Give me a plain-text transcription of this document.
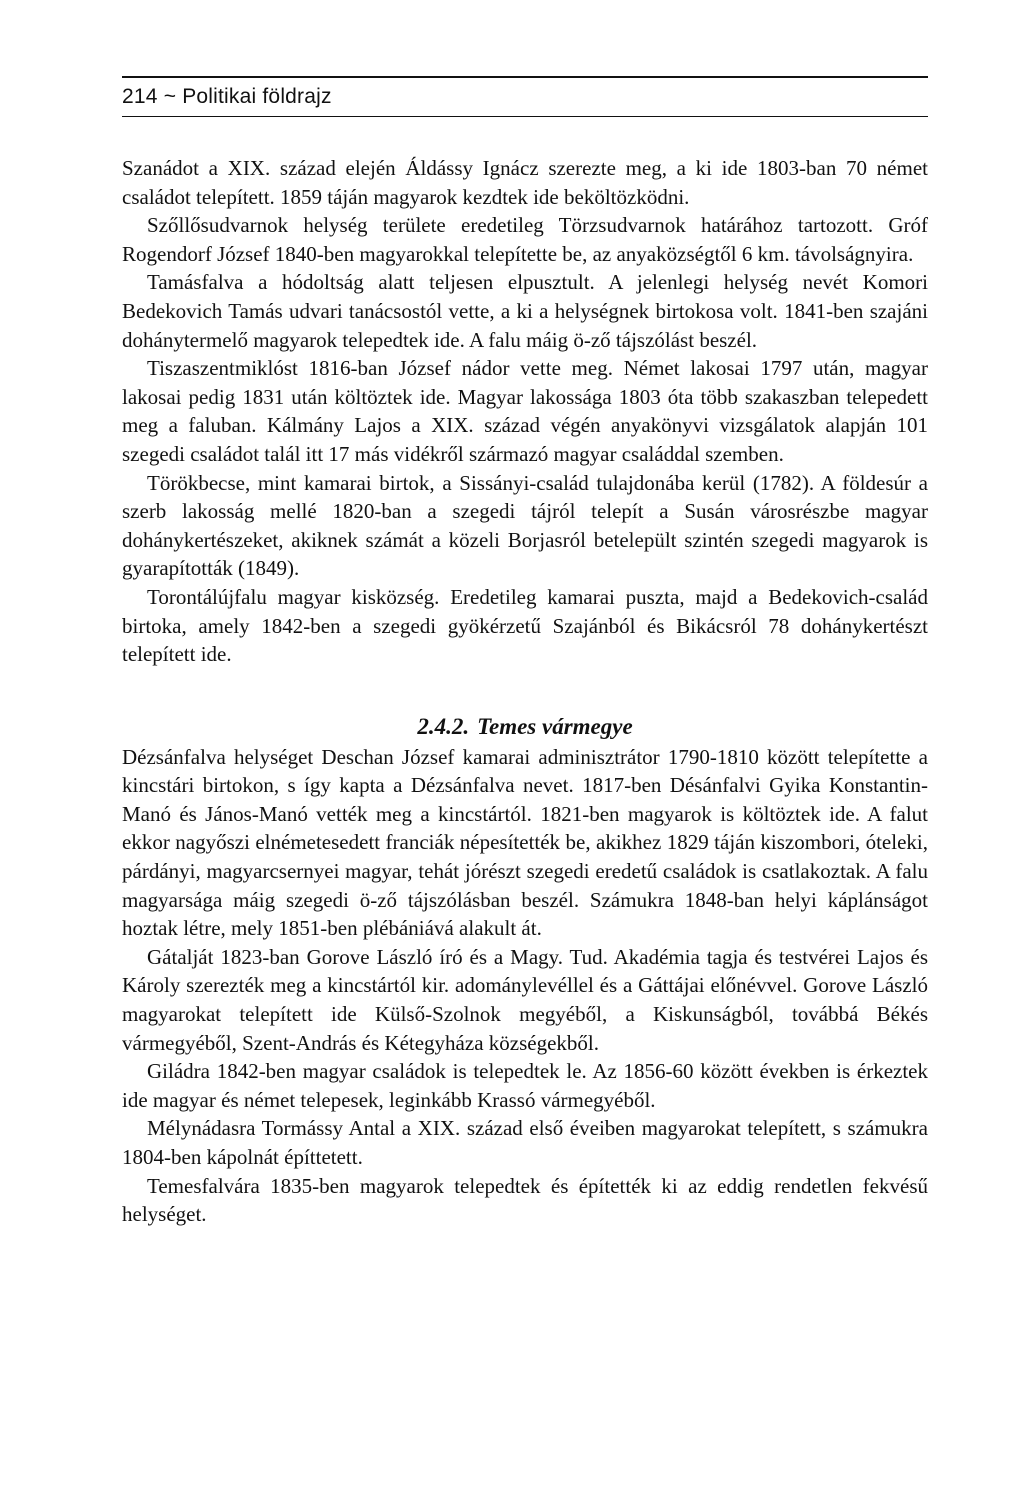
214
~
Politikai földrajz

Szanádot a XIX. század elején Áldássy Ignácz szerezte meg, a ki ide 1803-ban 70 német családot telepített. 1859 táján magyarok kezdtek ide beköltözködni.

Szőllősudvarnok helység területe eredetileg Törzsudvarnok határához tartozott. Gróf Rogendorf József 1840-ben magyarokkal telepítette be, az anyaközségtől 6 km. távolságnyira.

Tamásfalva a hódoltság alatt teljesen elpusztult. A jelenlegi helység nevét Komori Bedekovich Tamás udvari tanácsostól vette, a ki a helységnek birtokosa volt. 1841-ben szajáni dohánytermelő magyarok telepedtek ide. A falu máig ö-ző tájszólást beszél.

Tiszaszentmiklóst 1816-ban József nádor vette meg. Német lakosai 1797 után, magyar lakosai pedig 1831 után költöztek ide. Magyar lakossága 1803 óta több szakaszban telepedett meg a faluban. Kálmány Lajos a XIX. század végén anyakönyvi vizsgálatok alapján 101 szegedi családot talál itt 17 más vidékről származó magyar családdal szemben.

Törökbecse, mint kamarai birtok, a Sissányi-család tulajdonába kerül (1782). A földesúr a szerb lakosság mellé 1820-ban a szegedi tájról telepít a Susán városrészbe magyar dohánykertészeket, akiknek számát a közeli Borjasról betelepült szintén szegedi magyarok is gyarapították (1849).

Torontálújfalu magyar kisközség. Eredetileg kamarai puszta, majd a Bedekovich-család birtoka, amely 1842-ben a szegedi gyökérzetű Szajánból és Bikácsról 78 dohánykertészt telepített ide.

2.4.2. Temes vármegye

Dézsánfalva helységet Deschan József kamarai adminisztrátor 1790-1810 között telepítette a kincstári birtokon, s így kapta a Dézsánfalva nevet. 1817-ben Désánfalvi Gyika Konstantin-Manó és János-Manó vették meg a kincstártól. 1821-ben magyarok is költöztek ide. A falut ekkor nagyőszi elnémetesedett franciák népesítették be, akikhez 1829 táján kiszombori, óteleki, párdányi, magyarcsernyei magyar, tehát jórészt szegedi eredetű családok is csatlakoztak. A falu magyarsága máig szegedi ö-ző tájszólásban beszél. Számukra 1848-ban helyi káplánságot hoztak létre, mely 1851-ben plébániává alakult át.

Gátalját 1823-ban Gorove László író és a Magy. Tud. Akadémia tagja és testvérei Lajos és Károly szerezték meg a kincstártól kir. adománylevéllel és a Gáttájai előnévvel. Gorove László magyarokat telepített ide Külső-Szolnok megyéből, a Kiskunságból, továbbá Békés vármegyéből, Szent-András és Kétegyháza községekből.

Giládra 1842-ben magyar családok is telepedtek le. Az 1856-60 között években is érkeztek ide magyar és német telepesek, leginkább Krassó vármegyéből.

Mélynádasra Tormássy Antal a XIX. század első éveiben magyarokat telepített, s számukra 1804-ben kápolnát építtetett.

Temesfalvára 1835-ben magyarok telepedtek és építették ki az eddig rendetlen fekvésű helységet.
